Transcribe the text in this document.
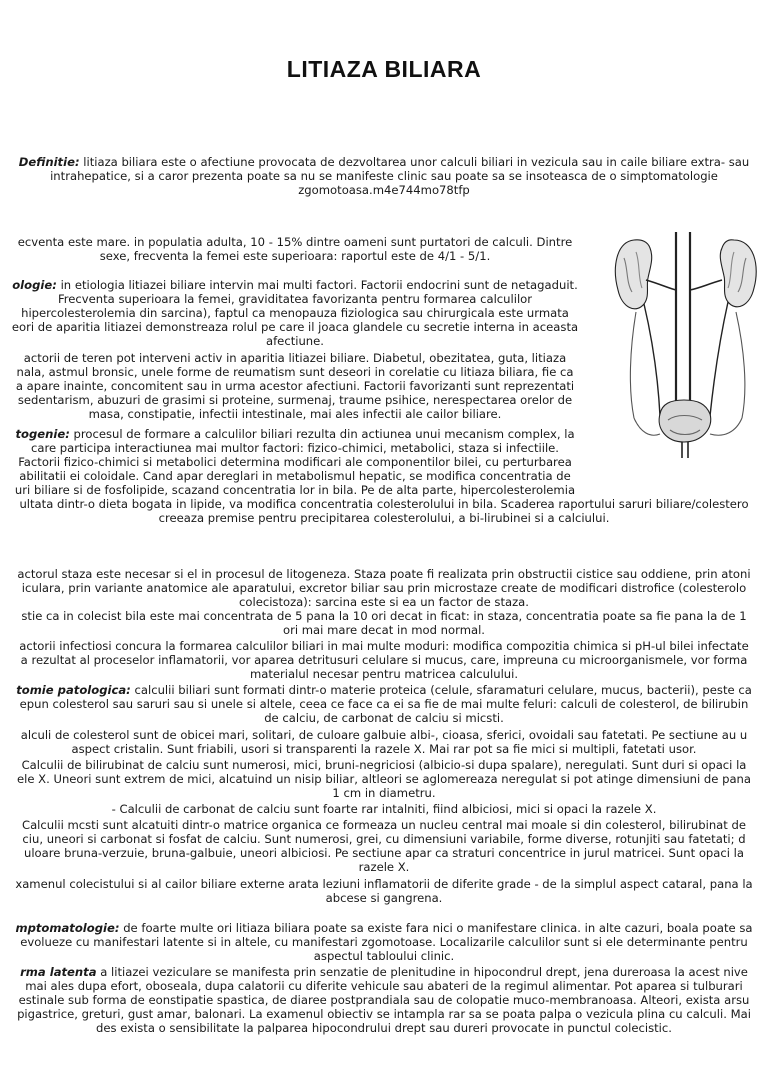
LITIAZA BILIARA

Definitie: litiaza biliara este o afectiune provocata de dezvoltarea unor calculi biliari in vezicula sau in caile biliare extra- sau
intrahepatice, si a caror prezenta poate sa nu se manifeste clinic sau poate sa se insoteasca de o simptomatologie
zgomotoasa.m4e744mo78tfp

ecventa este mare. in populatia adulta, 10 - 15% dintre oameni sunt purtatori de calculi. Dintre
sexe, frecventa la femei este superioara: raportul este de 4/1 - 5/1.

ologie: in etiologia litiazei biliare intervin mai multi factori. Factorii endocrini sunt de netagaduit.
Frecventa superioara la femei, graviditatea favorizanta pentru formarea calculilor
hipercolesterolemia din sarcina), faptul ca menopauza fiziologica sau chirurgicala este urmata
eori de aparitia litiazei demonstreaza rolul pe care il joaca glandele cu secretie interna in aceasta
afectiune.

actorii de teren pot interveni activ in aparitia litiazei biliare. Diabetul, obezitatea, guta, litiaza
nala, astmul bronsic, unele forme de reumatism sunt deseori in corelatie cu litiaza biliara, fie ca
a apare inainte, concomitent sau in urma acestor afectiuni. Factorii favorizanti sunt reprezentati
sedentarism, abuzuri de grasimi si proteine, surmenaj, traume psihice, nerespectarea orelor de
masa, constipatie, infectii intestinale, mai ales infectii ale cailor biliare.

togenie: procesul de formare a calculilor biliari rezulta din actiunea unui mecanism complex, la
care participa interactiunea mai multor factori: fizico-chimici, metabolici, staza si infectiile.
Factorii fizico-chimici si metabolici determina modificari ale componentilor bilei, cu perturbarea
abilitatii ei coloidale. Cand apar dereglari in metabolismul hepatic, se modifica concentratia de
uri biliare si de fosfolipide, scazand concentratia lor in bila. Pe de alta parte, hipercolesterolemia

ultata dintr-o dieta bogata in lipide, va modifica concentratia colesterolului in bila. Scaderea raportului saruri biliare/colestero
creeaza premise pentru precipitarea colesterolului, a bi-lirubinei si a calciului.

actorul staza este necesar si el in procesul de litogeneza. Staza poate fi realizata prin obstructii cistice sau oddiene, prin atoni
iculara, prin variante anatomice ale aparatului, excretor biliar sau prin microstaze create de modificari distrofice (colesterolo
colecistoza): sarcina este si ea un factor de staza.
stie ca in colecist bila este mai concentrata de 5 pana la 10 ori decat in ficat: in staza, concentratia poate sa fie pana la de 1
ori mai mare decat in mod normal.

actorii infectiosi concura la formarea calculilor biliari in mai multe moduri: modifica compozitia chimica si pH-ul bilei infectate
a rezultat al proceselor inflamatorii, vor aparea detritusuri celulare si mucus, care, impreuna cu microorganismele, vor forma
materialul necesar pentru matricea calculului.

tomie patologica: calculii biliari sunt formati dintr-o materie proteica (celule, sfaramaturi celulare, mucus, bacterii), peste ca
epun colesterol sau saruri sau si unele si altele, ceea ce face ca ei sa fie de mai multe feluri: calculi de colesterol, de bilirubin
de calciu, de carbonat de calciu si micsti.

alculi de colesterol sunt de obicei mari, solitari, de culoare galbuie albi-, cioasa, sferici, ovoidali sau fatetati. Pe sectiune au u
aspect cristalin. Sunt friabili, usori si transparenti la razele X. Mai rar pot sa fie mici si multipli, fatetati usor.

Calculii de bilirubinat de calciu sunt numerosi, mici, bruni-negriciosi (albicio-si dupa spalare), neregulati. Sunt duri si opaci la
ele X. Uneori sunt extrem de mici, alcatuind un nisip biliar, altleori se aglomereaza neregulat si pot atinge dimensiuni de pana
1 cm in diametru.

- Calculii de carbonat de calciu sunt foarte rar intalniti, fiind albiciosi, mici si opaci la razele X.

Calculii mcsti sunt alcatuiti dintr-o matrice organica ce formeaza un nucleu central mai moale si din colesterol, bilirubinat de
ciu, uneori si carbonat si fosfat de calciu. Sunt numerosi, grei, cu dimensiuni variabile, forme diverse, rotunjiti sau fatetati; d
uloare bruna-verzuie, bruna-galbuie, uneori albiciosi. Pe sectiune apar ca straturi concentrice in jurul matricei. Sunt opaci la
razele X.

xamenul colecistului si al cailor biliare externe arata leziuni inflamatorii de diferite grade - de la simplul aspect cataral, pana la
abcese si gangrena.

mptomatologie: de foarte multe ori litiaza biliara poate sa existe fara nici o manifestare clinica. in alte cazuri, boala poate sa
evolueze cu manifestari latente si in altele, cu manifestari zgomotoase. Localizarile calculilor sunt si ele determinante pentru
aspectul tabloului clinic.

rma latenta a litiazei veziculare se manifesta prin senzatie de plenitudine in hipocondrul drept, jena dureroasa la acest nive
mai ales dupa efort, oboseala, dupa calatorii cu diferite vehicule sau abateri de la regimul alimentar. Pot aparea si tulburari
estinale sub forma de eonstipatie spastica, de diaree postprandiala sau de colopatie muco-membranoasa. Alteori, exista arsu
pigastrice, greturi, gust amar, balonari. La examenul obiectiv se intampla rar sa se poata palpa o vezicula plina cu calculi. Mai
des exista o sensibilitate la palparea hipocondrului drept sau dureri provocate in punctul colecistic.
